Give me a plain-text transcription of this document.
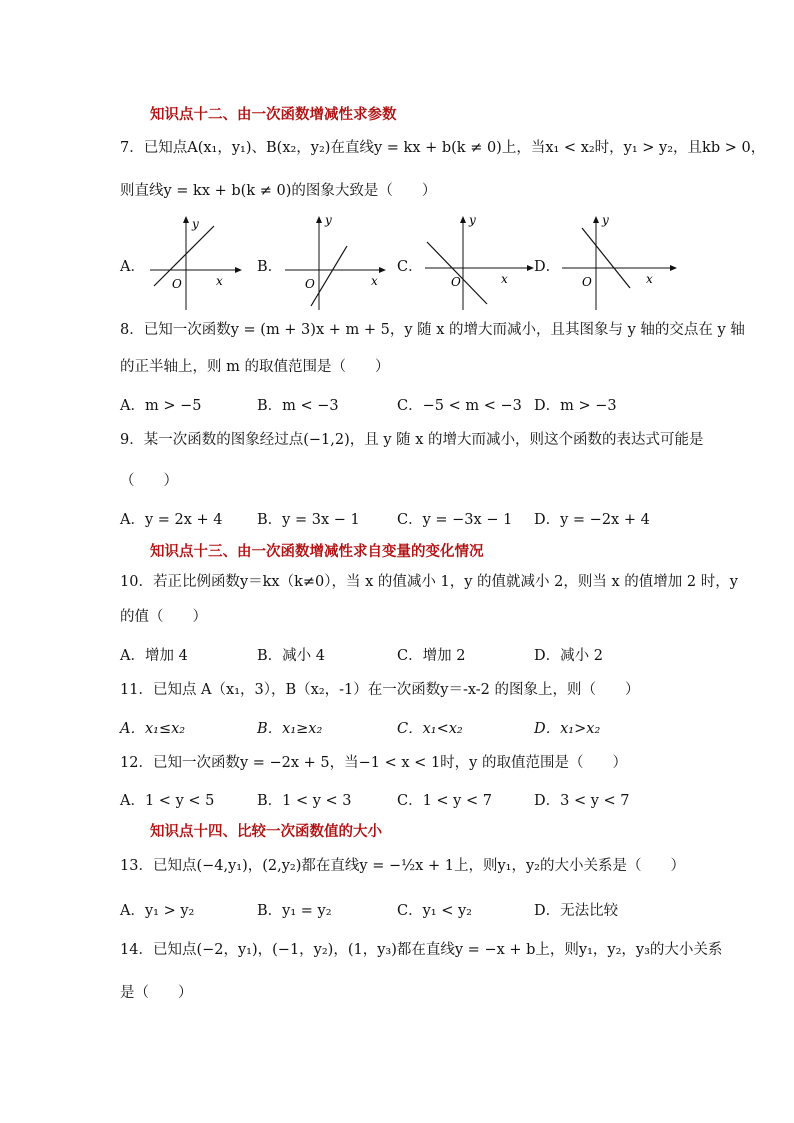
知识点十二、由一次函数增减性求参数
7．已知点A(x₁，y₁)、B(x₂，y₂)在直线y = kx + b(k ≠ 0)上，当x₁ < x₂时，y₁ > y₂，且kb > 0，
则直线y = kx + b(k ≠ 0)的图象大致是（　　）
A．
O	x
y
B．
O	x
y
C．
O	x
y
D．
O	x
y
8．已知一次函数y = (m + 3)x + m + 5，y 随 x 的增大而减小，且其图象与 y 轴的交点在 y 轴
的正半轴上，则 m 的取值范围是（　　）
A．m > −5	B．m < −3	C．−5 < m < −3 D．m > −3
9．某一次函数的图象经过点(−1,2)，且 y 随 x 的增大而减小，则这个函数的表达式可能是
（　　）
A．y = 2x + 4 B．y = 3x − 1	C．y = −3x − 1 D．y = −2x + 4
知识点十三、由一次函数增减性求自变量的变化情况
10．若正比例函数y＝kx（k≠0），当 x 的值减小 1，y 的值就减小 2，则当 x 的值增加 2 时，y
的值（　　）
A．增加 4	B．减小 4	C．增加 2	D．减小 2
11．已知点 A（x₁，3），B（x₂，-1）在一次函数y＝-x-2 的图象上，则（　　）
A．x₁≤x₂	B．x₁≥x₂	C．x₁<x₂	D．x₁>x₂
12．已知一次函数y = −2x + 5，当−1 < x < 1时，y 的取值范围是（　　）
A．1 < y < 5	B．1 < y < 3	C．1 < y < 7	D．3 < y < 7
知识点十四、比较一次函数值的大小
13．已知点(−4,y₁)，(2,y₂)都在直线y = −½x + 1上，则y₁，y₂的大小关系是（　　）
A．y₁ > y₂	B．y₁ = y₂	C．y₁ < y₂	D．无法比较
14．已知点(−2，y₁)，(−1，y₂)，(1，y₃)都在直线y = −x + b上，则y₁，y₂，y₃的大小关系
是（　　）
